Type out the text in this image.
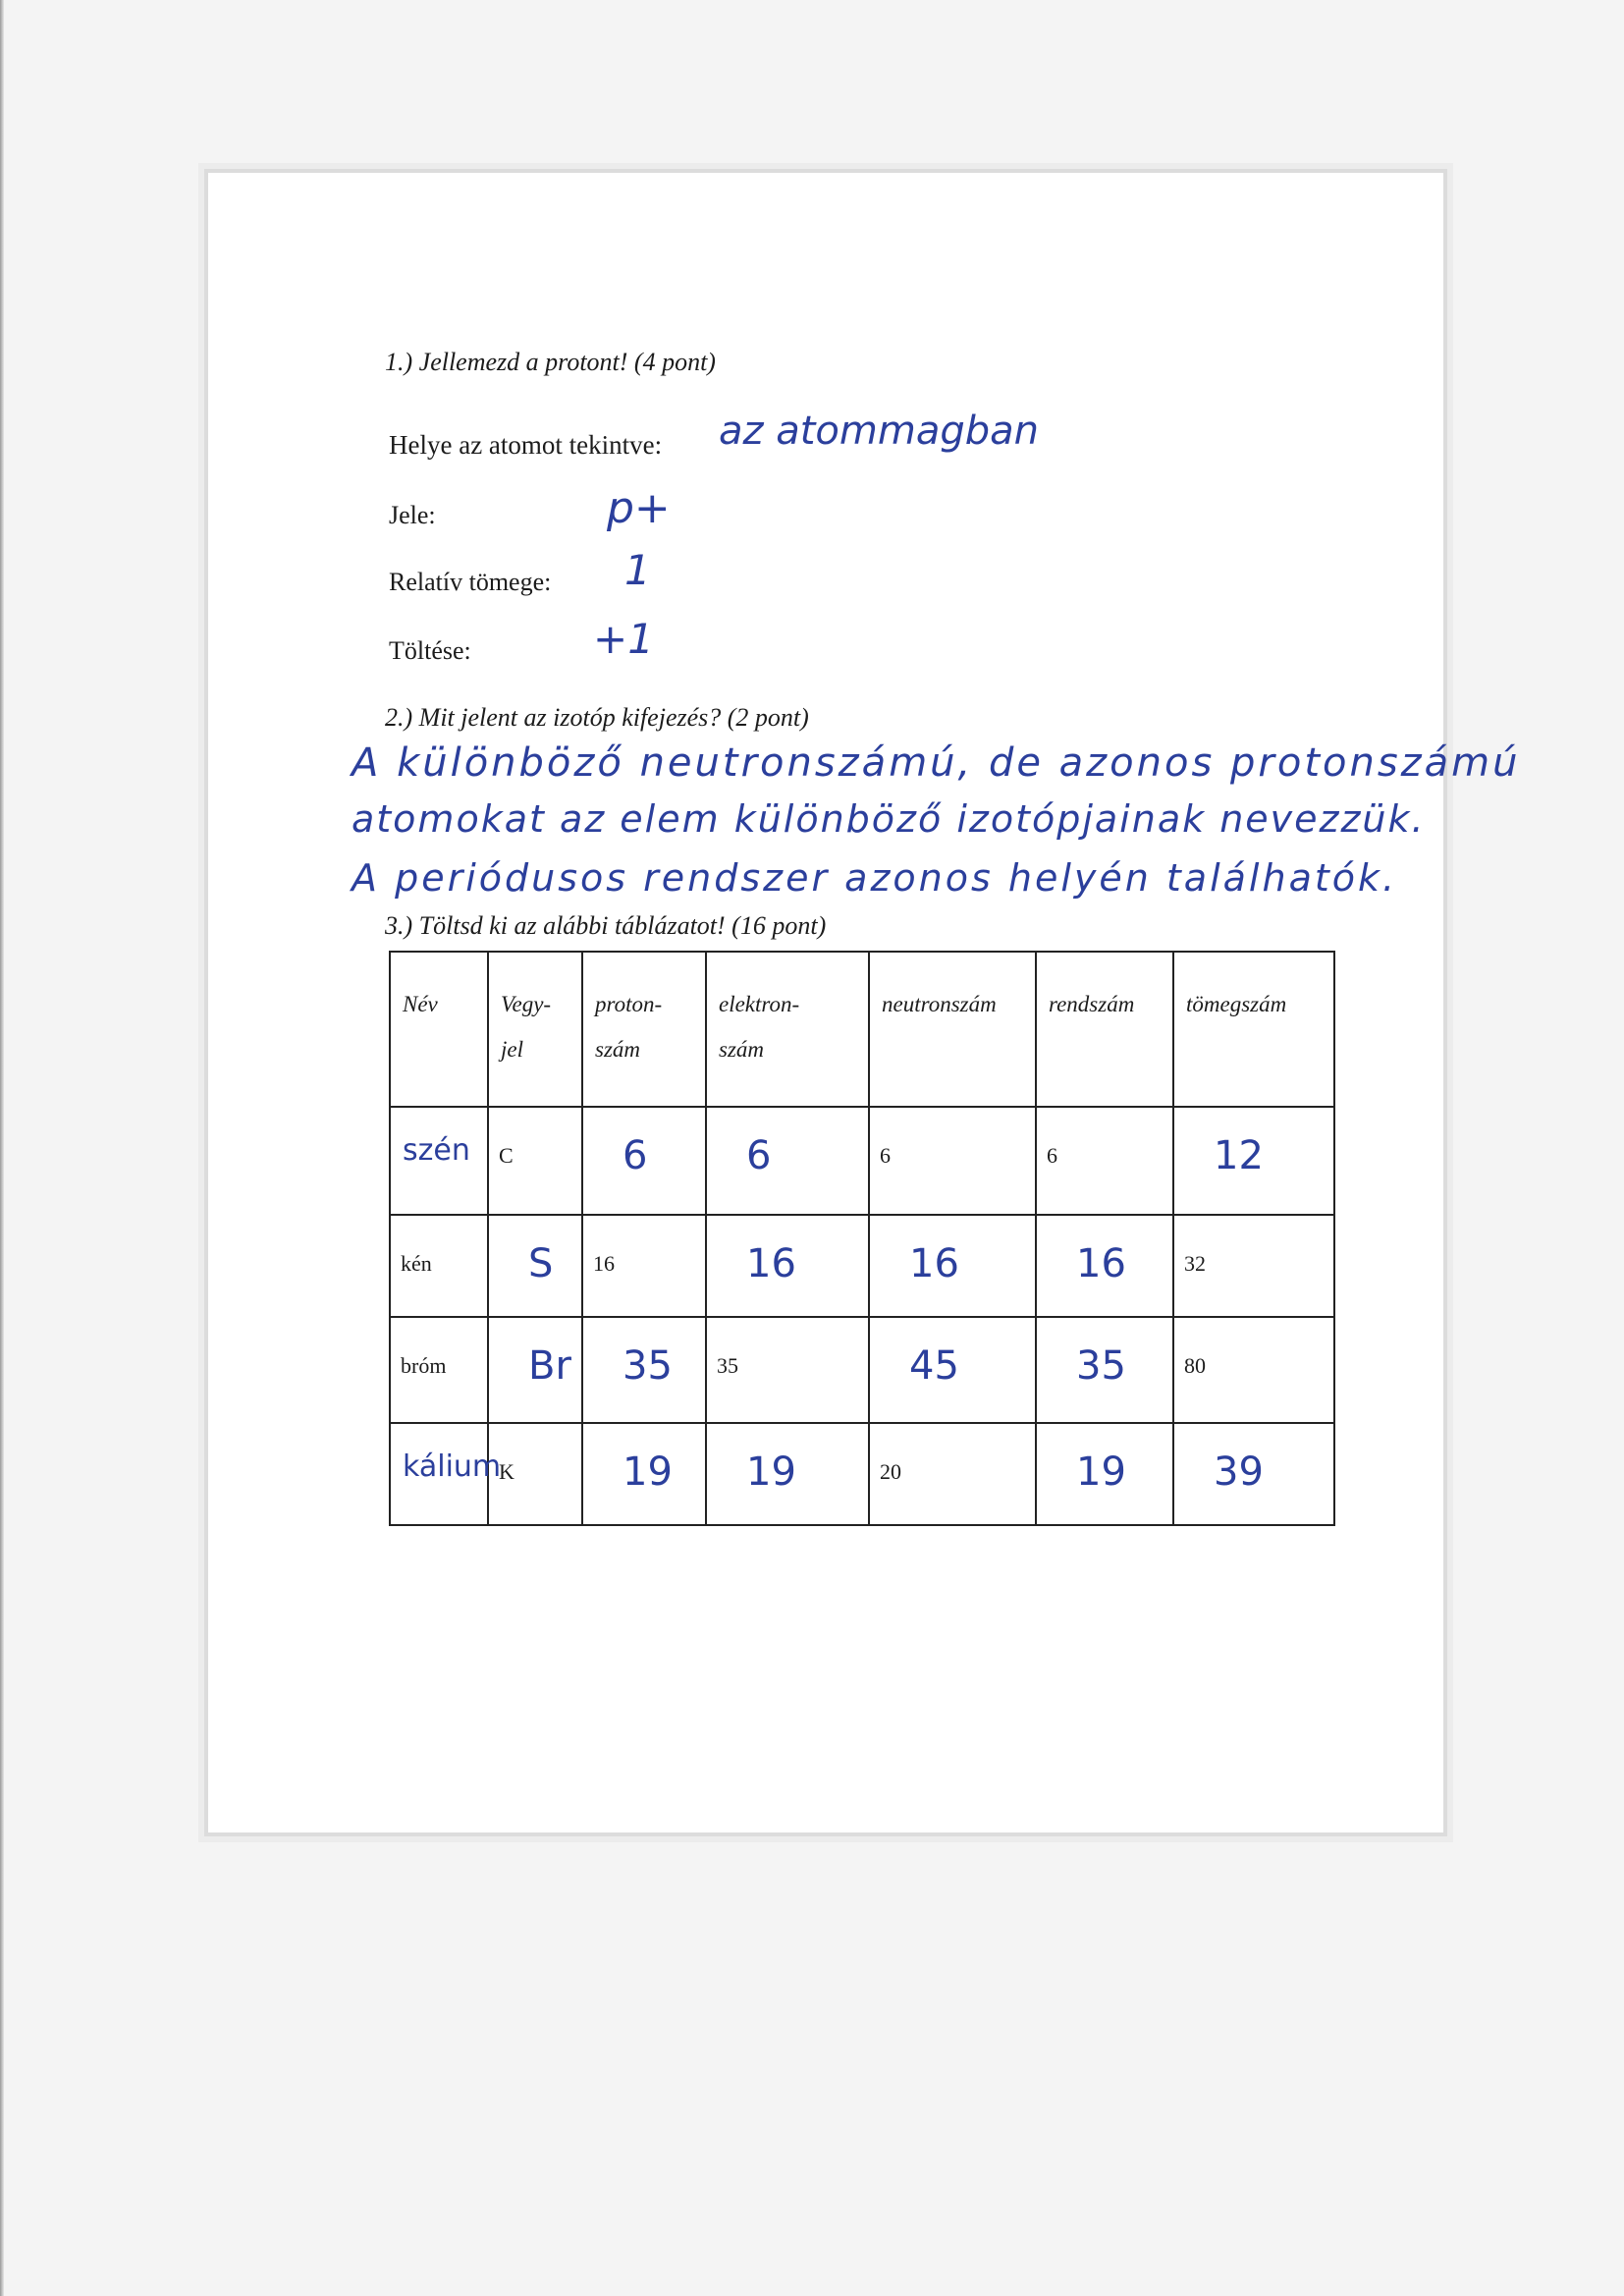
1.) Jellemezd a protont! (4 pont)
Helye az atomot tekintve: az atommagban
Jele:	p+
Relatív tömege: 1
Töltése:	+1
2.) Mit jelent az izotóp kifejezés? (2 pont)
A különböző neutronszámú, de azonos protonszámú
atomokat az elem különböző izotópjainak nevezzük.
A periódusos rendszer azonos helyén találhatók.
3.) Töltsd ki az alábbi táblázatot! (16 pont)
Név	Vegy-jel	proton-szám	elektron-szám	neutronszám	rendszám	tömegszám

szén	C	6	6	6	6	12

kén	S	16	16	16	16	32

bróm	Br	35	35	45	35	80

kálium	K	19	19	20	19	39
